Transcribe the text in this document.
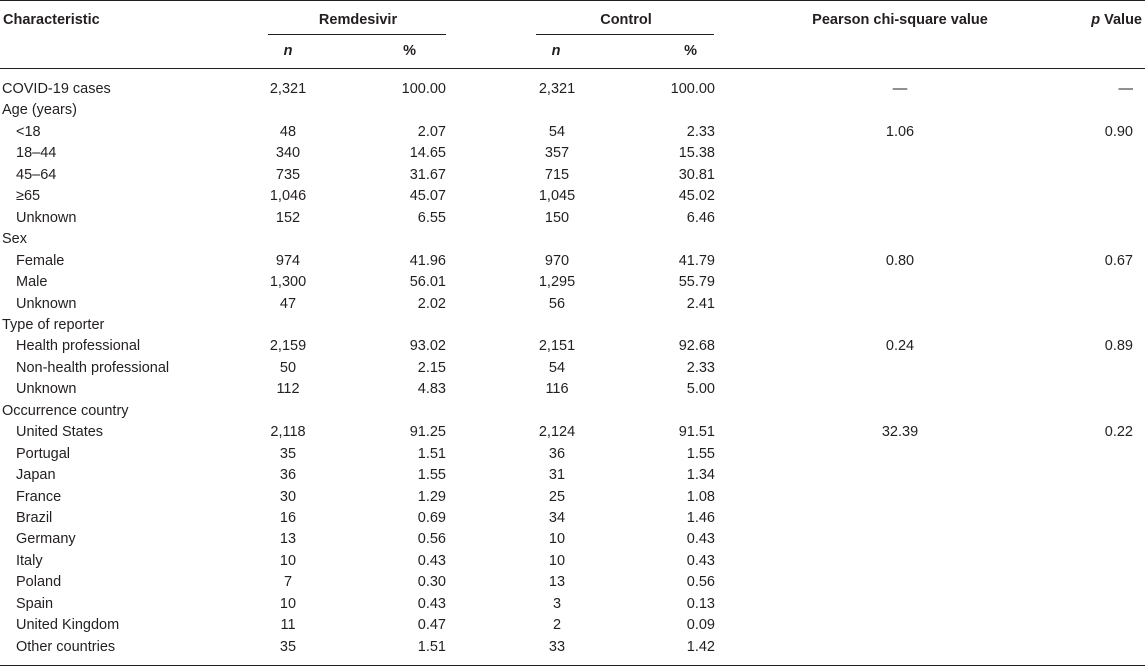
Characteristic	Remdesivir	Control	Pearson chi-square value	p Value
n	%	n	%
COVID-19 cases	2,321	100.00	2,321	100.00	—	—
Age (years)
<18	48	2.07	54	2.33	1.06	0.90
18–44	340	14.65	357	15.38
45–64	735	31.67	715	30.81
≥65	1,046	45.07	1,045	45.02
Unknown	152	6.55	150	6.46
Sex
Female	974	41.96	970	41.79	0.80	0.67
Male	1,300	56.01	1,295	55.79
Unknown	47	2.02	56	2.41
Type of reporter
Health professional	2,159	93.02	2,151	92.68	0.24	0.89
Non-health professional	50	2.15	54	2.33
Unknown	112	4.83	116	5.00
Occurrence country
United States	2,118	91.25	2,124	91.51	32.39	0.22
Portugal	35	1.51	36	1.55
Japan	36	1.55	31	1.34
France	30	1.29	25	1.08
Brazil	16	0.69	34	1.46
Germany	13	0.56	10	0.43
Italy	10	0.43	10	0.43
Poland	7	0.30	13	0.56
Spain	10	0.43	3	0.13
United Kingdom	11	0.47	2	0.09
Other countries	35	1.51	33	1.42
